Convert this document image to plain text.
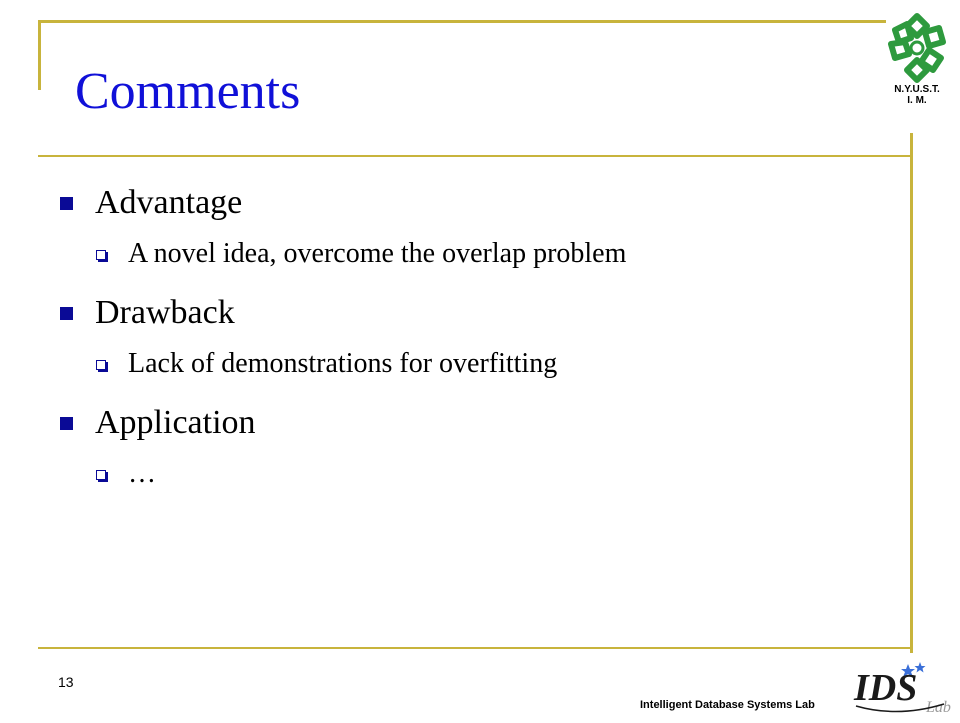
Comments	N.Y.U.S.T.
I. M.
Advantage
A novel idea, overcome the overlap problem
Drawback
Lack of demonstrations for overfitting
Application
…
13
Intelligent Database Systems Lab IDS Lab
